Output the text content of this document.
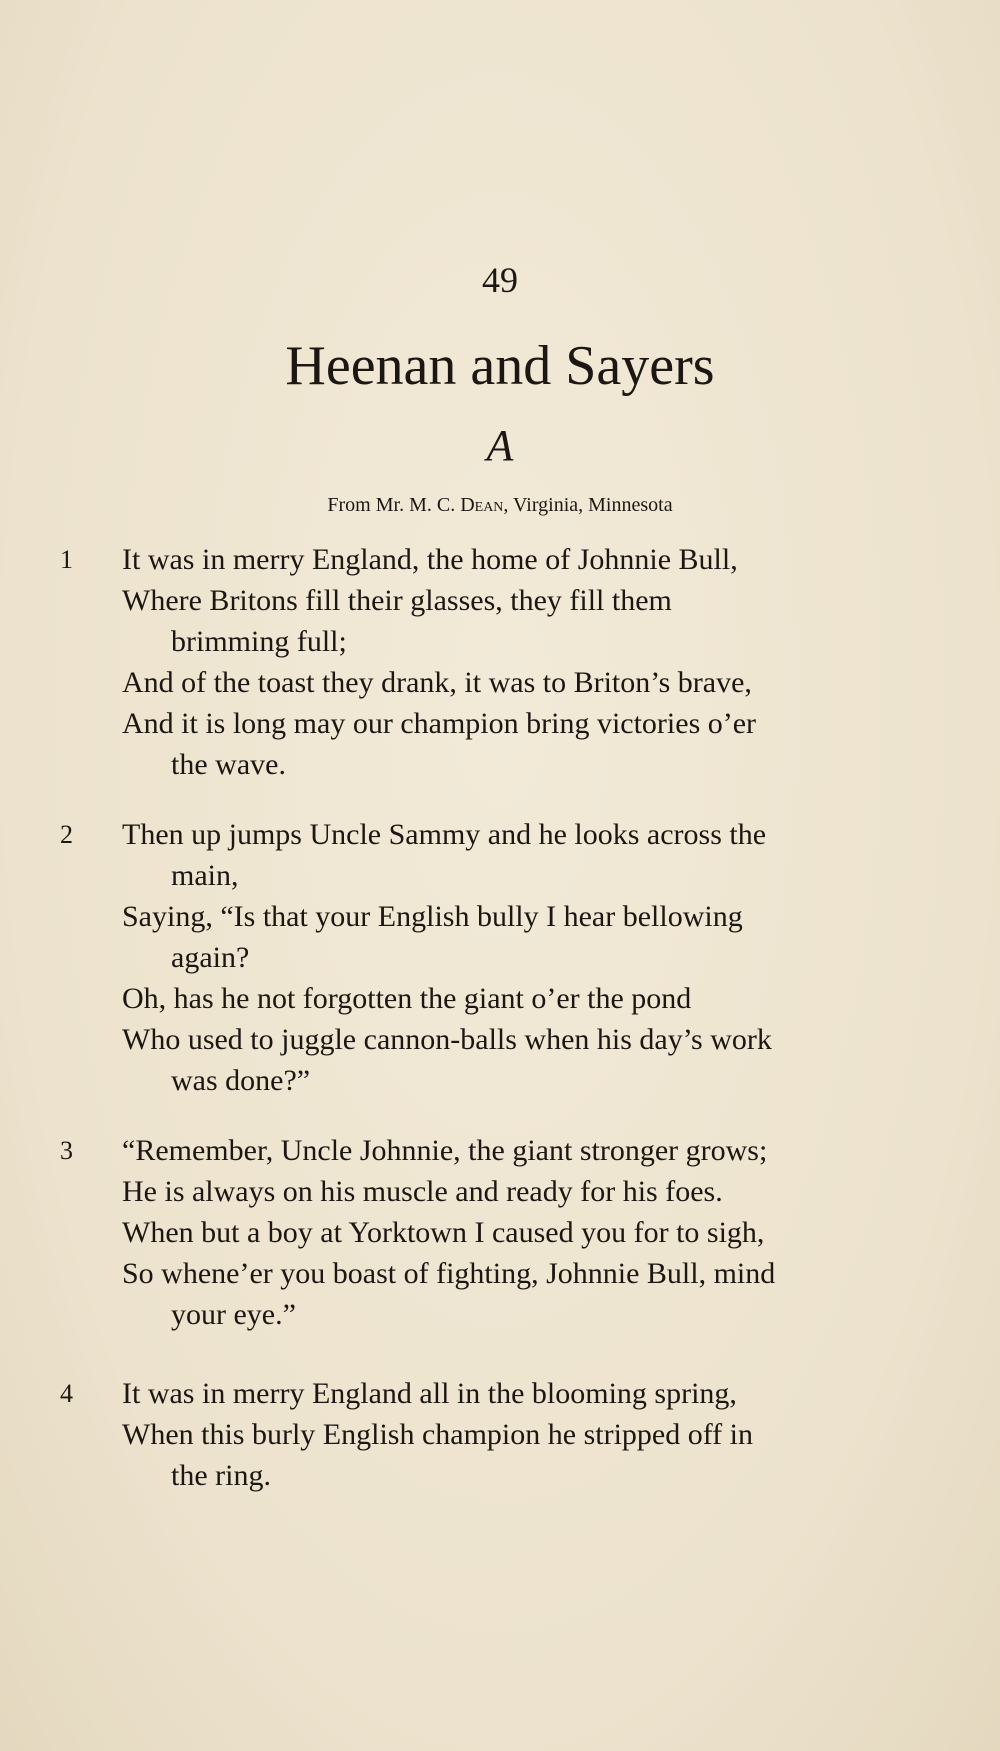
49
Heenan and Sayers
A
From Mr. M. C. Dean, Virginia, Minnesota
1 It was in merry England, the home of Johnnie Bull,
Where Britons fill their glasses, they fill them
brimming full;
And of the toast they drank, it was to Briton’s brave,
And it is long may our champion bring victories o’er
the wave.
2 Then up jumps Uncle Sammy and he looks across the
main,
Saying, “Is that your English bully I hear bellowing
again?
Oh, has he not forgotten the giant o’er the pond
Who used to juggle cannon-balls when his day’s work
was done?”
3 “Remember, Uncle Johnnie, the giant stronger grows;
He is always on his muscle and ready for his foes.
When but a boy at Yorktown I caused you for to sigh,
So whene’er you boast of fighting, Johnnie Bull, mind
your eye.”
4 It was in merry England all in the blooming spring,
When this burly English champion he stripped off in
the ring.
